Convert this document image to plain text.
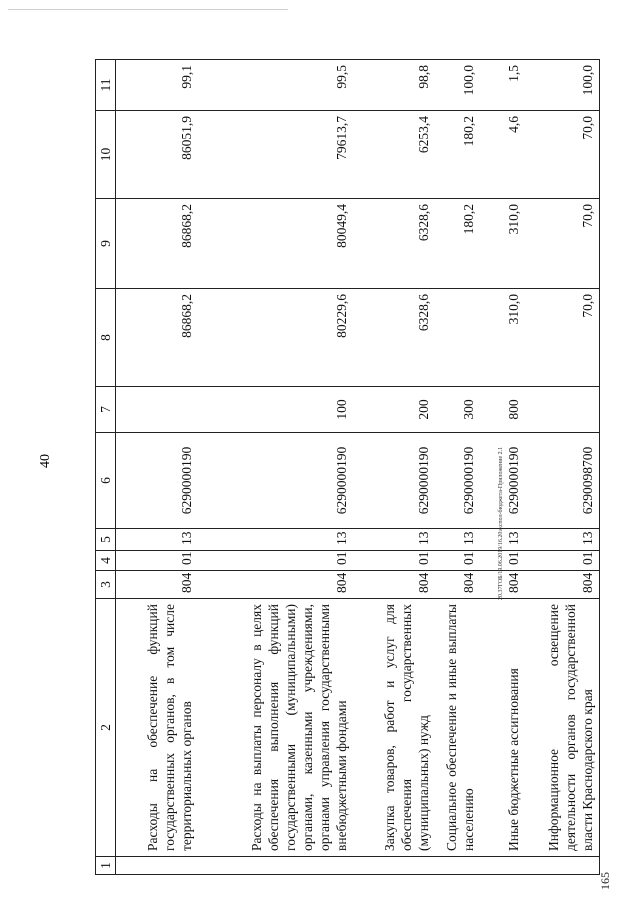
40
1	2	3	4	5	6	7	8	9	10	11
	Расходы на обеспечение функций государственных органов, в том числе территориальных органов	804	01	13	6290000190		86868,2	86868,2	86051,9	99,1
	Расходы на выплаты персоналу в целях обеспечения выполнения функций государственными (муниципальными) органами, казенными учреждениями, органами управления государственными внебюджетными фондами	804	01	13	6290000190	100	80229,6	80049,4	79613,7	99,5
	Закупка товаров, работ и услуг для обеспечения государственных (муниципальных) нужд	804	01	13	6290000190	200	6328,6	6328,6	6253,4	98,8
	Социальное обеспечение и иные выплаты населению	804	01	13	6290000190	300		180,2	180,2	100,0
	Иные бюджетные ассигнования	804	01	13	6290000190	800	310,0	310,0	4,6	1,5
	Информационное освещение деятельности органов государственной власти Краснодарского края	804	01	13	6290098700		70,0	70,0	70,0	100,0
20.37ГОБ/19.06.2019/16.20экспол-бюджета-Приложение 2.1
165
